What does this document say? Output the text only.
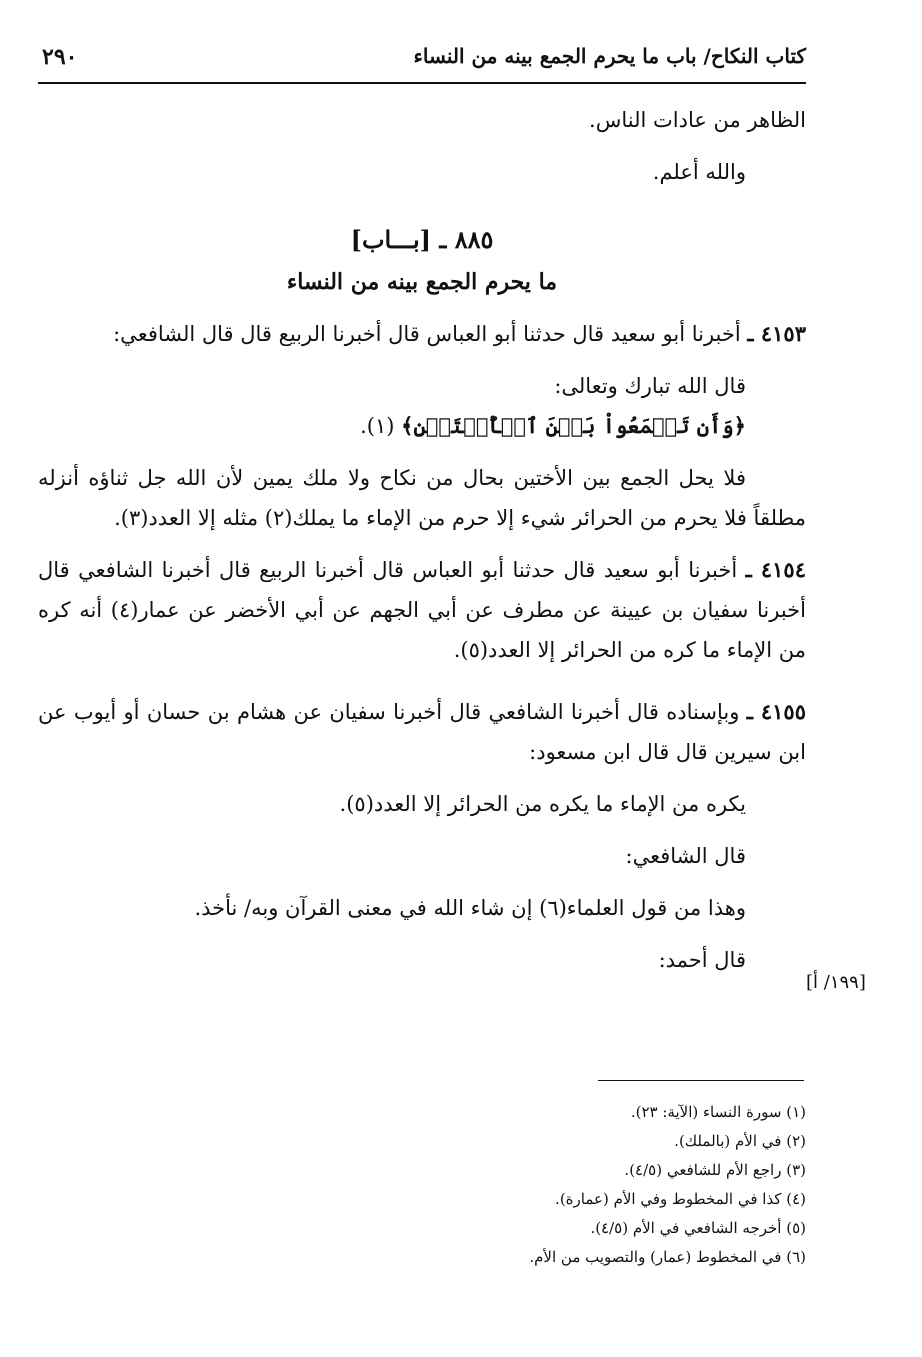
كتاب النكاح/ باب ما يحرم الجمع بينه من النساء
٢٩٠

الظاهر من عادات الناس.

والله أعلم.

٨٨٥ ـ [بـــاب]
ما يحرم الجمع بينه من النساء

٤١٥٣ ـ أخبرنا أبو سعيد قال حدثنا أبو العباس قال أخبرنا الربيع قال قال الشافعي:

قال الله تبارك وتعالى:

﴿وَأَن تَجۡمَعُواْ بَيۡنَ ٱلۡأُخۡتَيۡنِ﴾ (١).

فلا يحل الجمع بين الأختين بحال من نكاح ولا ملك يمين لأن الله جل ثناؤه أنزله مطلقاً فلا يحرم من الحرائر شيء إلا حرم من الإماء ما يملك(٢) مثله إلا العدد(٣).

٤١٥٤ ـ أخبرنا أبو سعيد قال حدثنا أبو العباس قال أخبرنا الربيع قال أخبرنا الشافعي قال أخبرنا سفيان بن عيينة عن مطرف عن أبي الجهم عن أبي الأخضر عن عمار(٤) أنه كره من الإماء ما كره من الحرائر إلا العدد(٥).

٤١٥٥ ـ وبإسناده قال أخبرنا الشافعي قال أخبرنا سفيان عن هشام بن حسان أو أيوب عن ابن سيرين قال قال ابن مسعود:

يكره من الإماء ما يكره من الحرائر إلا العدد(٥).

قال الشافعي:

وهذا من قول العلماء(٦) إن شاء الله في معنى القرآن وبه/ نأخذ.

قال أحمد:

[١٩٩/ أ]

(١) سورة النساء (الآية: ٢٣).

(٢) في الأم (بالملك).

(٣) راجع الأم للشافعي (٤/٥).

(٤) كذا في المخطوط وفي الأم (عمارة).

(٥) أخرجه الشافعي في الأم (٤/٥).

(٦) في المخطوط (عمار) والتصويب من الأم.
